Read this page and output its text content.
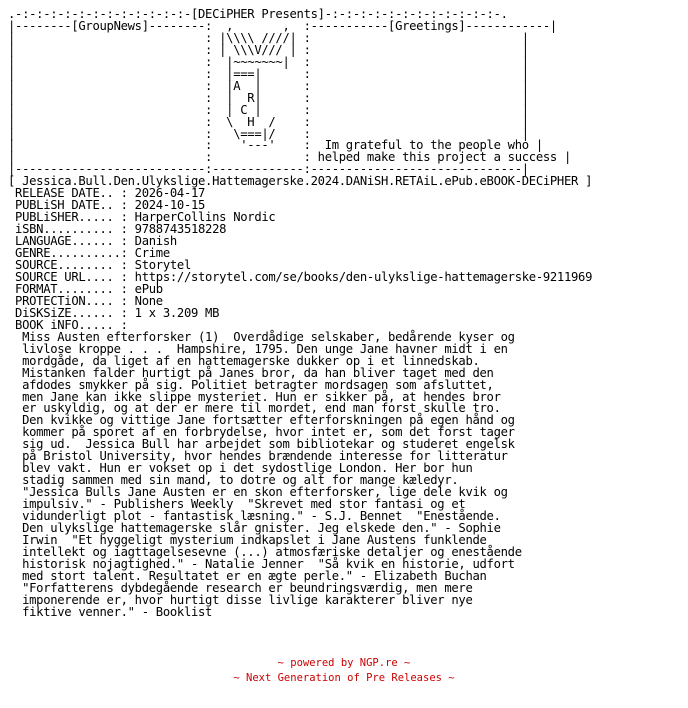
.-:-:-:-:-:-:-:-:-:-:-:-:-[DECiPHER Presents]-:-:-:-:-:-:-:-:-:-:-:-:-.
|--------[GroupNews]--------:  ,       ,  :-----------[Greetings]------------|
|                           : |\\\\ ////| :                              |
|                           : | \\\V/// | :                              |
|                           :  |~~~~~~~|  :                              |
|                           :  |===|      :                              |
|                           :  |A  |      :                              |
|                           :  |  R|      :                              |
|                           :  | C |      :                              |
|                           :  \  H  /    :                              |
|                           :   \===|/    :                              |
|                           :    '---'    :  Im grateful to the people who |
|                           :             : helped make this project a success |
|---------------------------:-------------:------------------------------|
[ Jessica.Bull.Den.Ulykslige.Hattemagerske.2024.DANiSH.RETAiL.ePub.eBOOK-DECiPHER ]
RELEASE DATE.. : 2026-04-17
PUBLiSH DATE.. : 2024-10-15
PUBLiSHER..... : HarperCollins Nordic
iSBN.......... : 9788743518228
LANGUAGE...... : Danish
GENRE..........: Crime
SOURCE........ : Storytel
SOURCE URL.... : https://storytel.com/se/books/den-ulykslige-hattemagerske-9211969
FORMAT........ : ePub
PROTECTiON.... : None
DiSKSiZE...... : 1 x 3.209 MB
BOOK iNFO..... :
Miss Austen efterforsker (1)  Overdådige selskaber, bedårende kyser og
livlose kroppe . . .  Hampshire, 1795. Den unge Jane havner midt i en
mordgåde, da liget af en hattemagerske dukker op i et linnedskab.
Mistanken falder hurtigt på Janes bror, da han bliver taget med den
afdodes smykker på sig. Politiet betragter mordsagen som afsluttet,
men Jane kan ikke slippe mysteriet. Hun er sikker på, at hendes bror
er uskyldig, og at der er mere til mordet, end man forst skulle tro.
Den kvikke og vittige Jane fortsætter efterforskningen på egen hånd og
kommer på sporet af en forbrydelse, hvor intet er, som det forst tager
sig ud.  Jessica Bull har arbejdet som bibliotekar og studeret engelsk
på Bristol University, hvor hendes brændende interesse for litteratur
blev vakt. Hun er vokset op i det sydostlige London. Her bor hun
stadig sammen med sin mand, to dotre og alt for mange kæledyr.
"Jessica Bulls Jane Austen er en skon efterforsker, lige dele kvik og
impulsiv." - Publishers Weekly  "Skrevet med stor fantasi og et
vidunderligt plot - fantastisk læsning." - S.J. Bennet  "Enestående.
Den ulykslige hattemagerske slår gnister. Jeg elskede den." - Sophie
Irwin  "Et hyggeligt mysterium indkapslet i Jane Austens funklende
intellekt og iagttagelsesevne (...) atmosfæriske detaljer og enestående
historisk nojagtighed." - Natalie Jenner  "Så kvik en historie, udfort
med stort talent. Resultatet er en ægte perle." - Elizabeth Buchan
"Forfatterens dybdegående research er beundringsværdig, men mere
imponerende er, hvor hurtigt disse livlige karakterer bliver nye
fiktive venner." - Booklist
~ powered by NGP.re ~
~ Next Generation of Pre Releases ~
